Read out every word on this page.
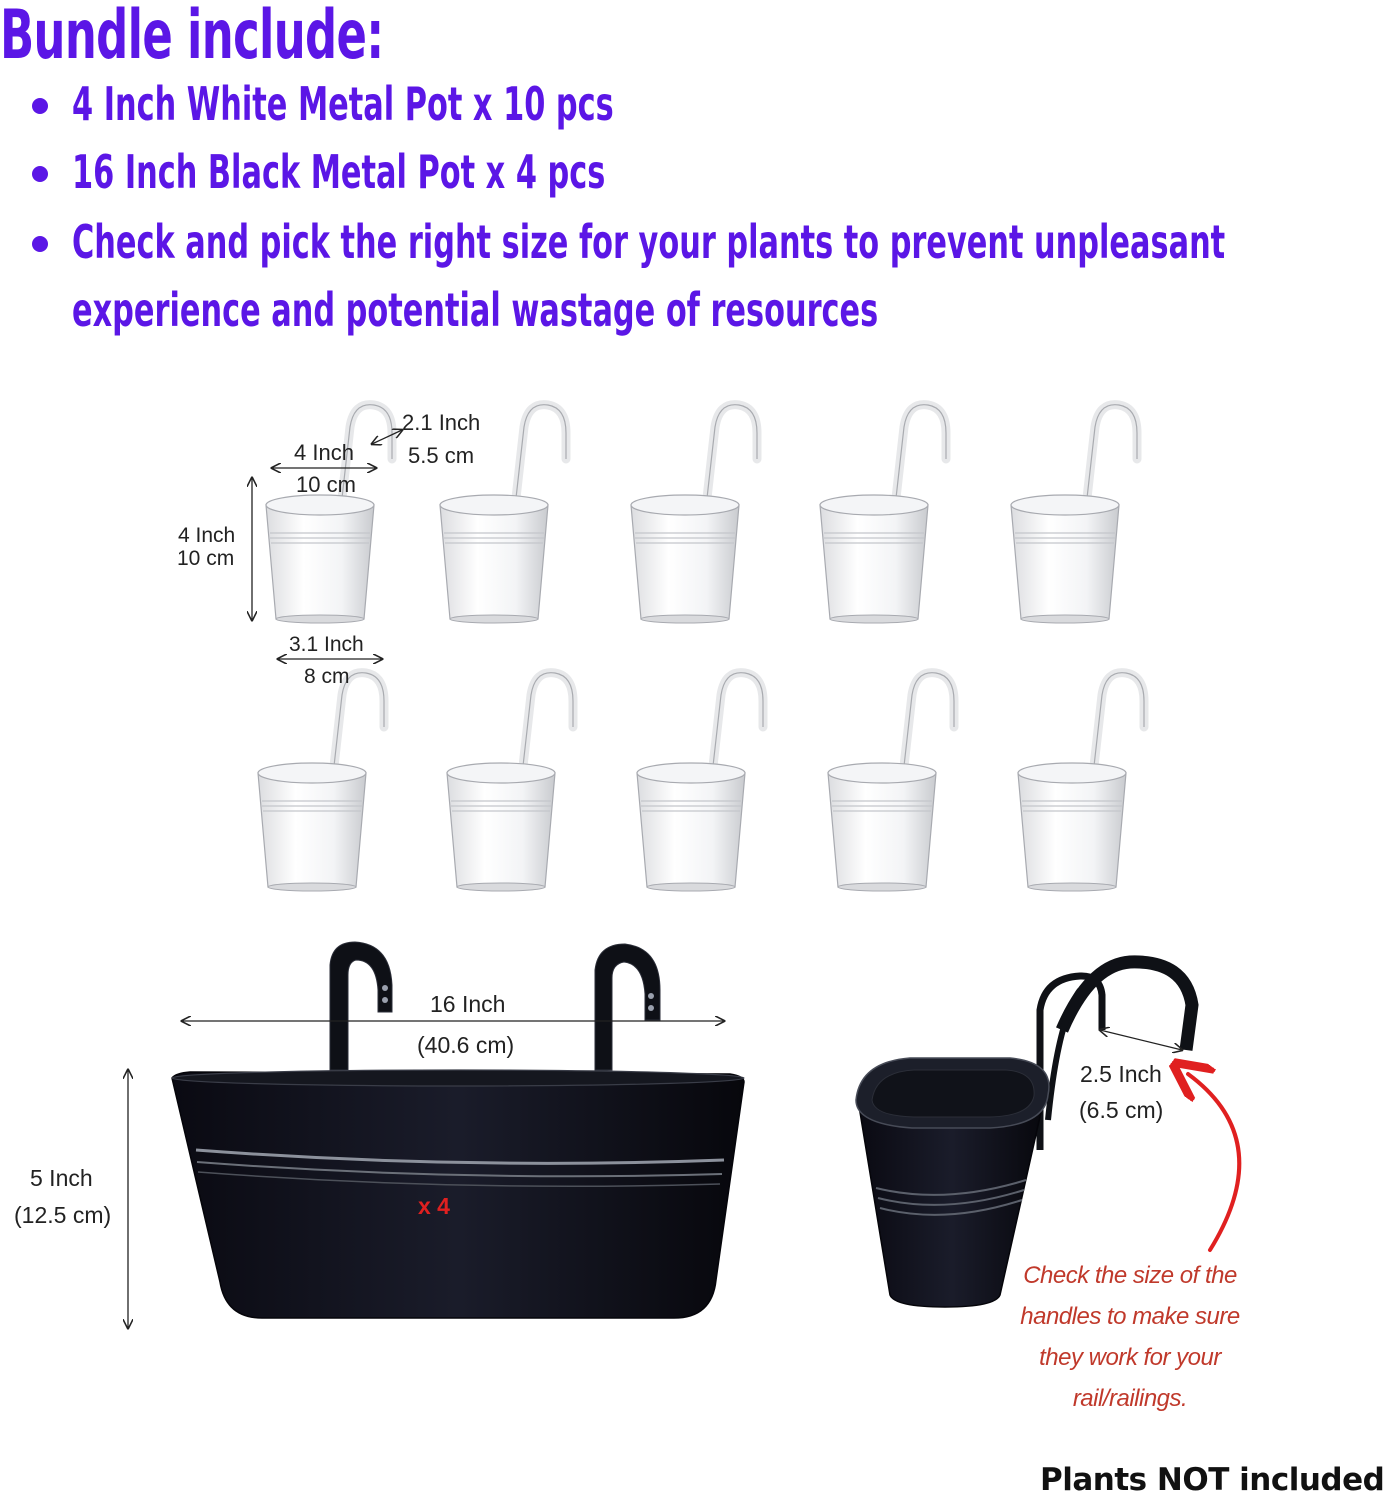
Bundle include:
4 Inch White Metal Pot x 10 pcs
16 Inch Black Metal Pot x 4 pcs
Check and pick the right size for your plants to prevent unpleasant
experience and potential wastage of resources
2.1 Inch
5.5 cm
4 Inch
10 cm
4 Inch
10 cm
3.1 Inch
8 cm
16 Inch
(40.6 cm)
5 Inch
(12.5 cm)	x 4
2.5 Inch
(6.5 cm)
Check the size of the handles to make sure they work for your rail/railings.
Plants NOT included
